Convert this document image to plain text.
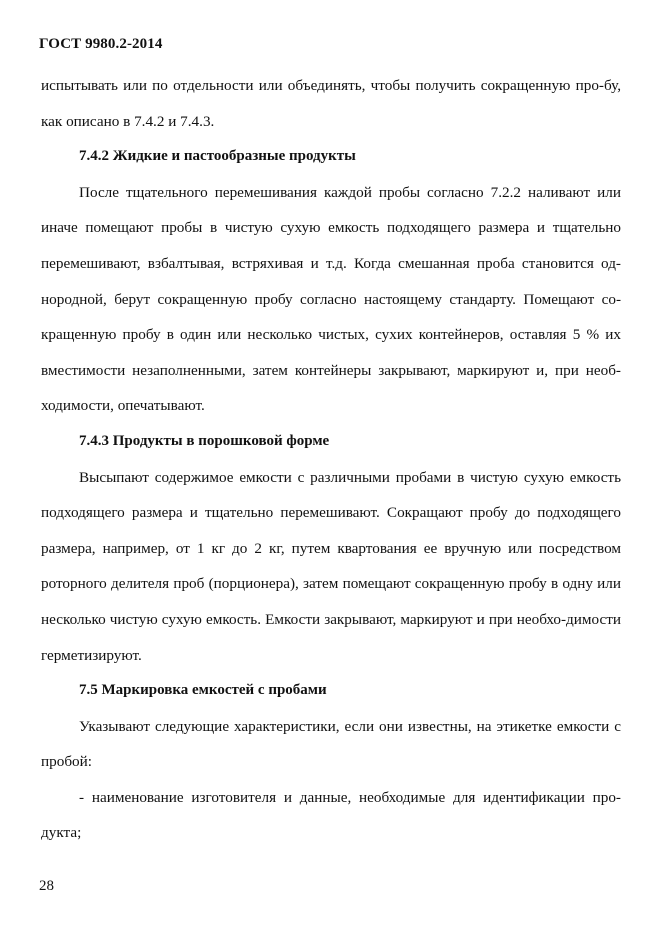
ГОСТ 9980.2-2014

испытывать или по отдельности или объединять, чтобы получить сокращенную про-бу, как описано в 7.4.2 и 7.4.3.

7.4.2 Жидкие и пастообразные продукты

После тщательного перемешивания каждой пробы согласно 7.2.2 наливают или иначе помещают пробы в чистую сухую емкость подходящего размера и тщательно перемешивают, взбалтывая, встряхивая и т.д. Когда смешанная проба становится од-нородной, берут сокращенную пробу согласно настоящему стандарту. Помещают со-кращенную пробу в один или несколько чистых, сухих контейнеров, оставляя 5 % их вместимости незаполненными, затем контейнеры закрывают, маркируют и, при необ-ходимости, опечатывают.

7.4.3 Продукты в порошковой форме

Высыпают содержимое емкости с различными пробами в чистую сухую емкость подходящего размера и тщательно перемешивают. Сокращают пробу до подходящего размера, например, от 1 кг до 2 кг, путем квартования ее вручную или посредством роторного делителя проб (порционера), затем помещают сокращенную пробу в одну или несколько чистую сухую емкость. Емкости закрывают, маркируют и при необхо-димости герметизируют.

7.5 Маркировка емкостей с пробами

Указывают следующие характеристики, если они известны, на этикетке емкости с пробой:

- наименование изготовителя и данные, необходимые для идентификации про-дукта;

28
